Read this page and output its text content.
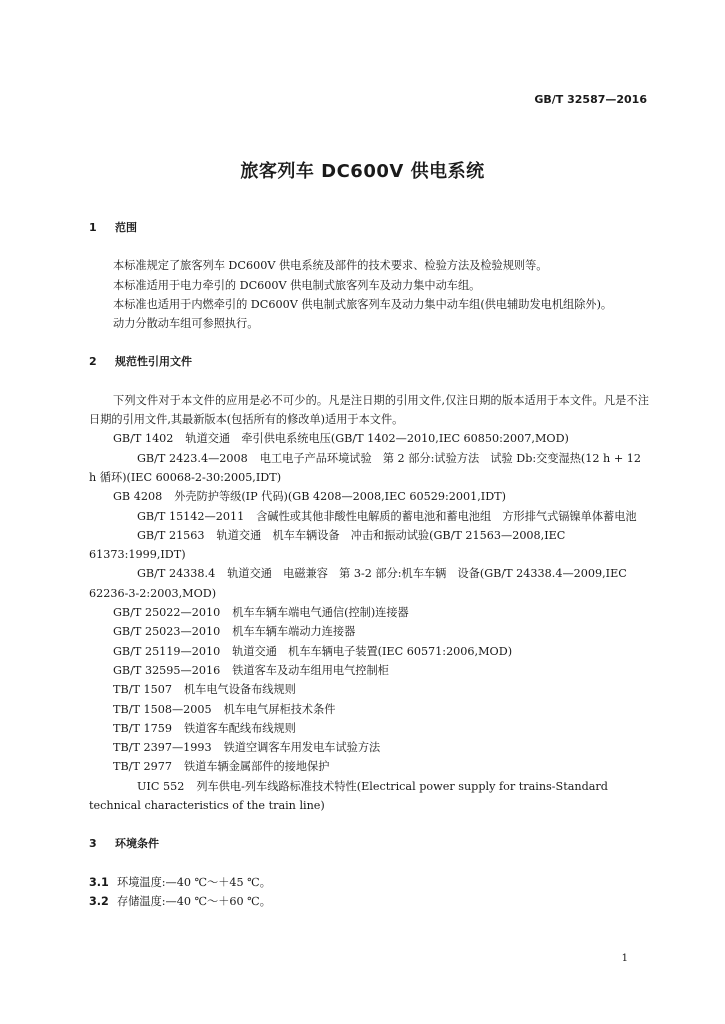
GB/T 32587—2016
旅客列车 DC600V 供电系统

1 范围

本标准规定了旅客列车 DC600V 供电系统及部件的技术要求、检验方法及检验规则等。

本标准适用于电力牵引的 DC600V 供电制式旅客列车及动力集中动车组。

本标准也适用于内燃牵引的 DC600V 供电制式旅客列车及动力集中动车组(供电辅助发电机组除外)。

动力分散动车组可参照执行。

2 规范性引用文件

下列文件对于本文件的应用是必不可少的。凡是注日期的引用文件,仅注日期的版本适用于本文件。凡是不注日期的引用文件,其最新版本(包括所有的修改单)适用于本文件。

GB/T 1402 轨道交通　牵引供电系统电压(GB/T 1402—2010,IEC 60850:2007,MOD)

GB/T 2423.4—2008 电工电子产品环境试验　第 2 部分:试验方法　试验 Db:交变湿热(12 h + 12 h 循环)(IEC 60068-2-30:2005,IDT)

GB 4208 外壳防护等级(IP 代码)(GB 4208—2008,IEC 60529:2001,IDT)

GB/T 15142—2011 含碱性或其他非酸性电解质的蓄电池和蓄电池组　方形排气式镉镍单体蓄电池

GB/T 21563 轨道交通　机车车辆设备　冲击和振动试验(GB/T 21563—2008,IEC 61373:1999,IDT)

GB/T 24338.4 轨道交通　电磁兼容　第 3-2 部分:机车车辆　设备(GB/T 24338.4—2009,IEC 62236-3-2:2003,MOD)

GB/T 25022—2010 机车车辆车端电气通信(控制)连接器

GB/T 25023—2010 机车车辆车端动力连接器

GB/T 25119—2010 轨道交通　机车车辆电子装置(IEC 60571:2006,MOD)

GB/T 32595—2016 铁道客车及动车组用电气控制柜

TB/T 1507 机车电气设备布线规则

TB/T 1508—2005 机车电气屏柜技术条件

TB/T 1759 铁道客车配线布线规则

TB/T 2397—1993 铁道空调客车用发电车试验方法

TB/T 2977 铁道车辆金属部件的接地保护

UIC 552 列车供电-列车线路标准技术特性(Electrical power supply for trains-Standard technical characteristics of the train line)

3 环境条件

3.1 环境温度:—40 ℃～＋45 ℃。

3.2 存储温度:—40 ℃～＋60 ℃。

1
